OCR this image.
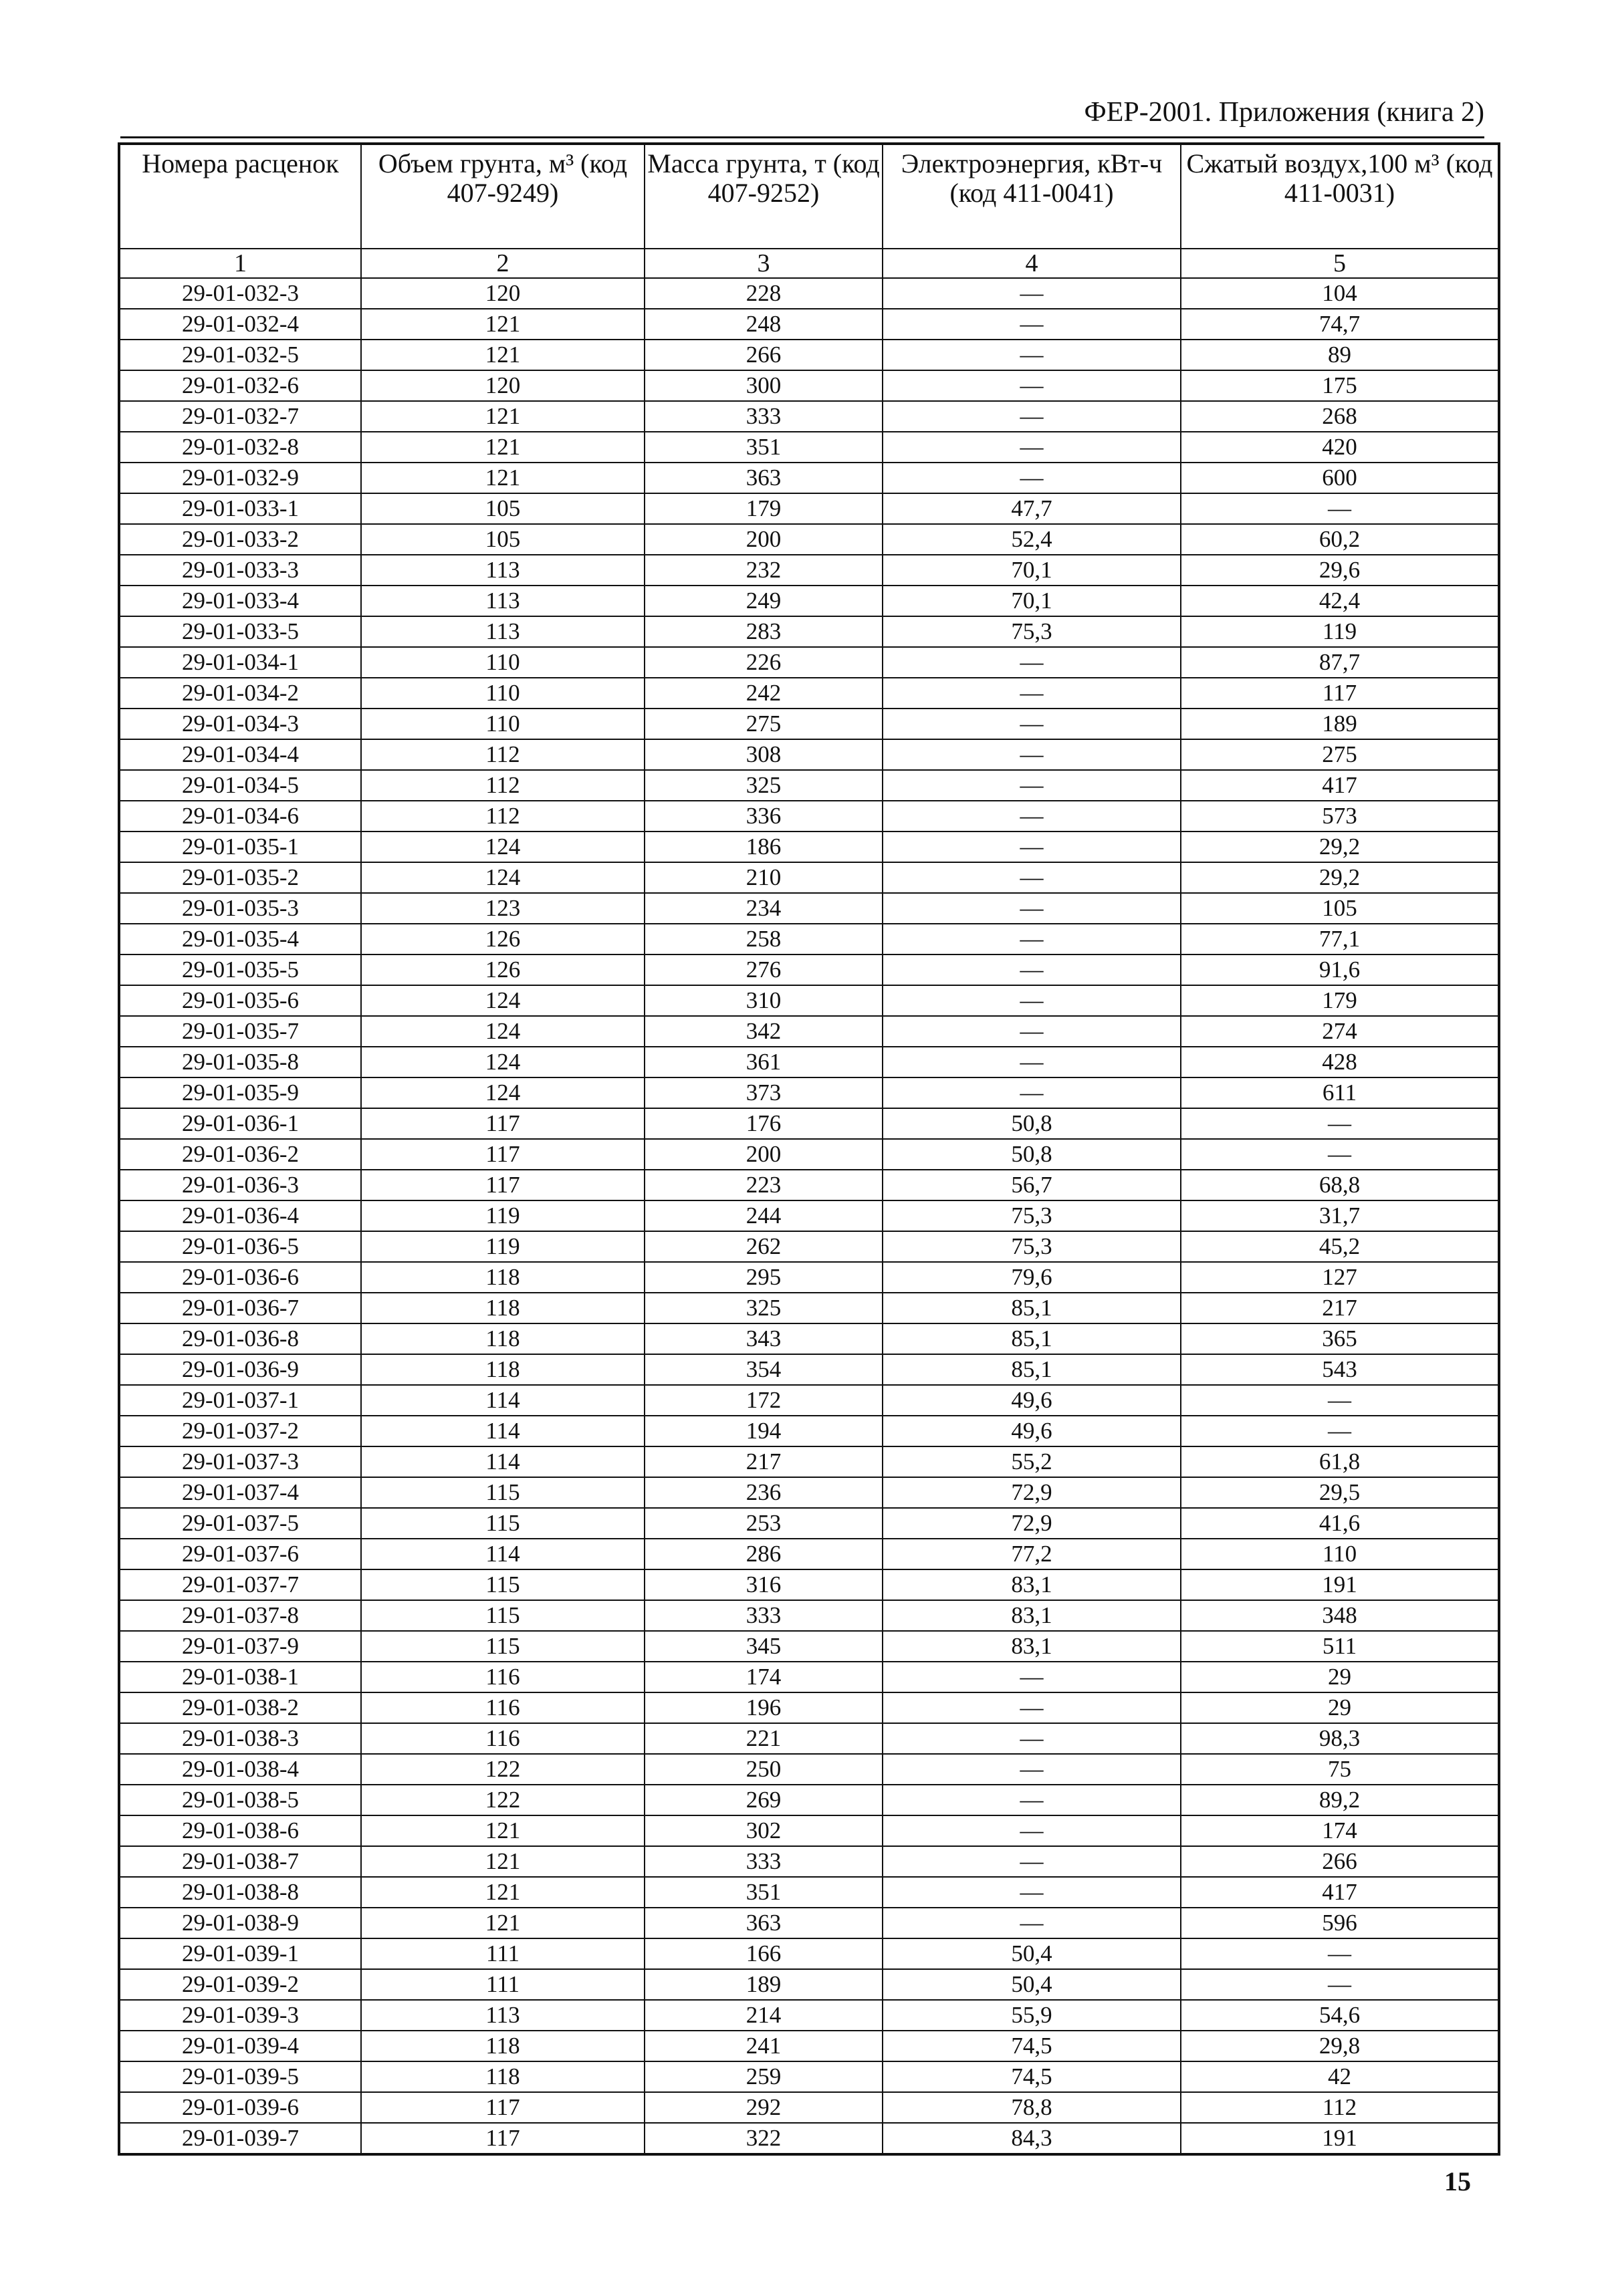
ФЕР-2001. Приложения (книга 2)
Номера расценок	Объем грунта, м³ (код 407-9249)	Масса грунта, т (код 407-9252)	Электроэнергия, кВт-ч (код 411-0041)	Сжатый воздух,100 м³ (код 411-0031)
1	2	3	4	5
29-01-032-3	120	228	—	104
29-01-032-4	121	248	—	74,7
29-01-032-5	121	266	—	89
29-01-032-6	120	300	—	175
29-01-032-7	121	333	—	268
29-01-032-8	121	351	—	420
29-01-032-9	121	363	—	600
29-01-033-1	105	179	47,7	—
29-01-033-2	105	200	52,4	60,2
29-01-033-3	113	232	70,1	29,6
29-01-033-4	113	249	70,1	42,4
29-01-033-5	113	283	75,3	119
29-01-034-1	110	226	—	87,7
29-01-034-2	110	242	—	117
29-01-034-3	110	275	—	189
29-01-034-4	112	308	—	275
29-01-034-5	112	325	—	417
29-01-034-6	112	336	—	573
29-01-035-1	124	186	—	29,2
29-01-035-2	124	210	—	29,2
29-01-035-3	123	234	—	105
29-01-035-4	126	258	—	77,1
29-01-035-5	126	276	—	91,6
29-01-035-6	124	310	—	179
29-01-035-7	124	342	—	274
29-01-035-8	124	361	—	428
29-01-035-9	124	373	—	611
29-01-036-1	117	176	50,8	—
29-01-036-2	117	200	50,8	—
29-01-036-3	117	223	56,7	68,8
29-01-036-4	119	244	75,3	31,7
29-01-036-5	119	262	75,3	45,2
29-01-036-6	118	295	79,6	127
29-01-036-7	118	325	85,1	217
29-01-036-8	118	343	85,1	365
29-01-036-9	118	354	85,1	543
29-01-037-1	114	172	49,6	—
29-01-037-2	114	194	49,6	—
29-01-037-3	114	217	55,2	61,8
29-01-037-4	115	236	72,9	29,5
29-01-037-5	115	253	72,9	41,6
29-01-037-6	114	286	77,2	110
29-01-037-7	115	316	83,1	191
29-01-037-8	115	333	83,1	348
29-01-037-9	115	345	83,1	511
29-01-038-1	116	174	—	29
29-01-038-2	116	196	—	29
29-01-038-3	116	221	—	98,3
29-01-038-4	122	250	—	75
29-01-038-5	122	269	—	89,2
29-01-038-6	121	302	—	174
29-01-038-7	121	333	—	266
29-01-038-8	121	351	—	417
29-01-038-9	121	363	—	596
29-01-039-1	111	166	50,4	—
29-01-039-2	111	189	50,4	—
29-01-039-3	113	214	55,9	54,6
29-01-039-4	118	241	74,5	29,8
29-01-039-5	118	259	74,5	42
29-01-039-6	117	292	78,8	112
29-01-039-7	117	322	84,3	191
15
